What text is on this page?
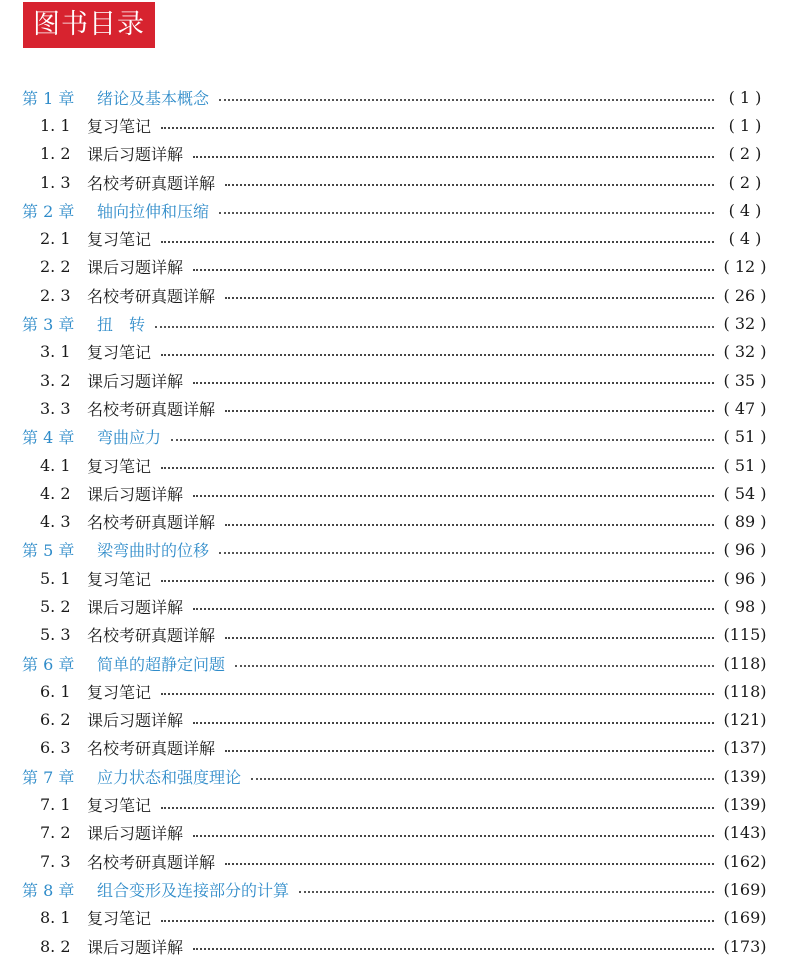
图书目录
第 1 章	绪论及基本概念	( 1 )
1. 1	复习笔记	( 1 )
1. 2	课后习题详解	( 2 )
1. 3	名校考研真题详解	( 2 )
第 2 章	轴向拉伸和压缩	( 4 )
2. 1	复习笔记	( 4 )
2. 2	课后习题详解	( 12 )
2. 3	名校考研真题详解	( 26 )
第 3 章	扭　转	( 32 )
3. 1	复习笔记	( 32 )
3. 2	课后习题详解	( 35 )
3. 3	名校考研真题详解	( 47 )
第 4 章	弯曲应力	( 51 )
4. 1	复习笔记	( 51 )
4. 2	课后习题详解	( 54 )
4. 3	名校考研真题详解	( 89 )
第 5 章	梁弯曲时的位移	( 96 )
5. 1	复习笔记	( 96 )
5. 2	课后习题详解	( 98 )
5. 3	名校考研真题详解	(115)
第 6 章	简单的超静定问题	(118)
6. 1	复习笔记	(118)
6. 2	课后习题详解	(121)
6. 3	名校考研真题详解	(137)
第 7 章	应力状态和强度理论	(139)
7. 1	复习笔记	(139)
7. 2	课后习题详解	(143)
7. 3	名校考研真题详解	(162)
第 8 章	组合变形及连接部分的计算	(169)
8. 1	复习笔记	(169)
8. 2	课后习题详解	(173)
